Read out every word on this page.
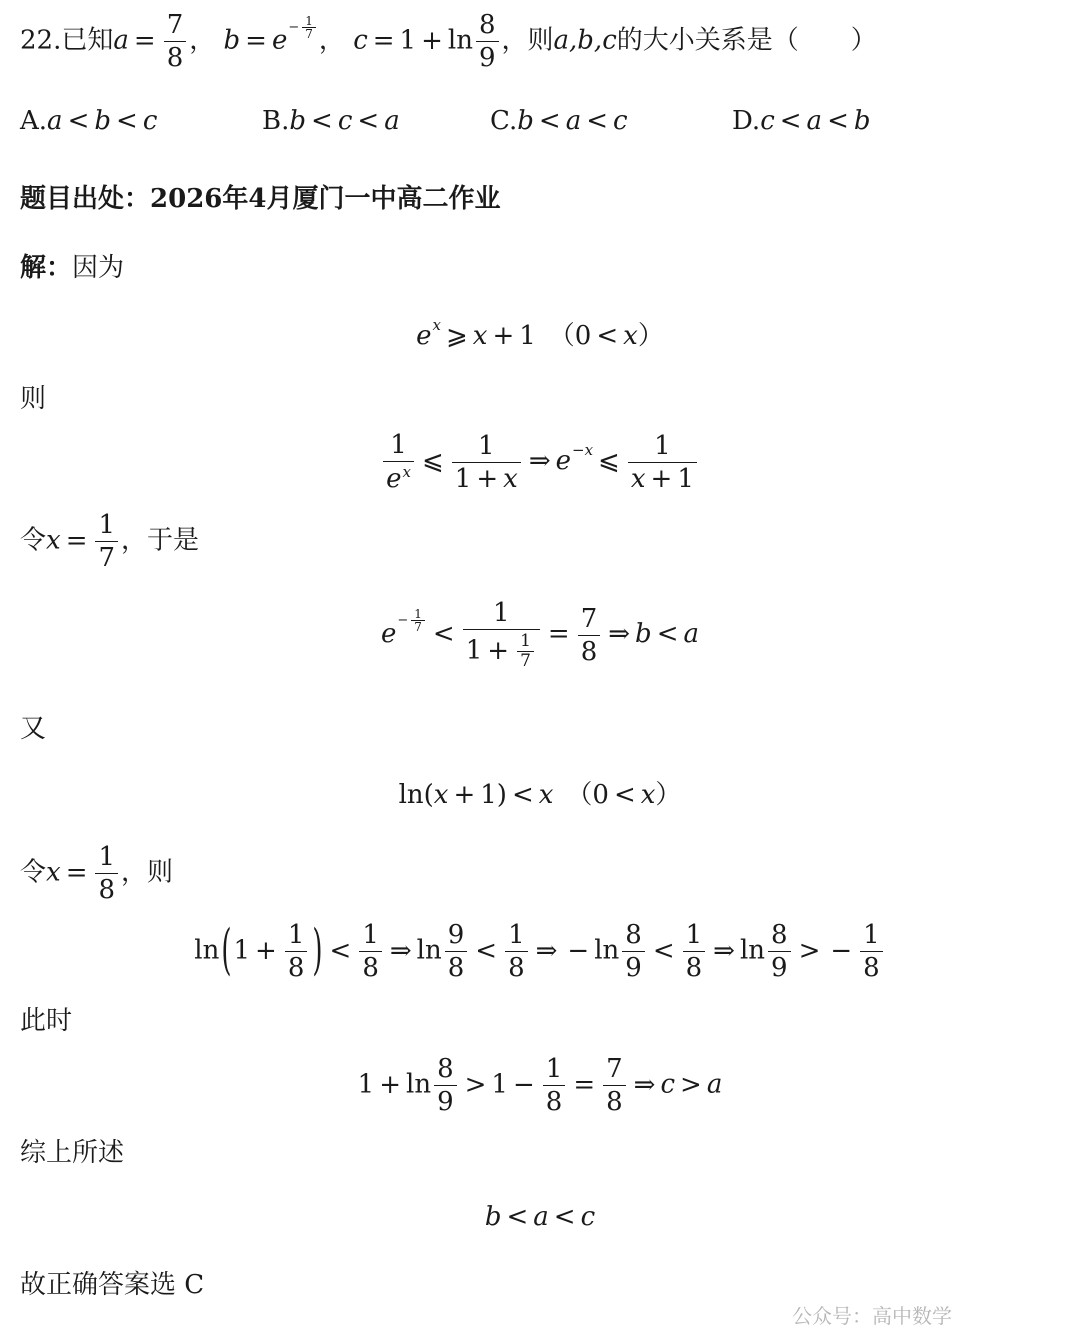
22.已知$a = \frac{7}{8}$ ， $b = e^{- \frac{1}{7}}$ ， $c = 1 + \ln \frac{8}{9}$ ，则a,b,c的大小关系是（　　）
A.a < b < c	B.b < c < a	C.b < a < c	D.c < a < b
题目出处：2026年4月厦门一中高二作业
解：因为
$e^x$ ⩾ x + 1　（0 < x）
则
$\frac{1}{e^x}$ ⩽ $\frac{1}{1 + x}$ ⇒ $e^{-x}$ ⩽ $\frac{1}{x + 1}$
令$x = \frac{1}{7}$ ，于是
$e^{- \frac{1}{7}} < \frac{1}{1 + \frac{1}{7}} = \frac{7}{8}$ ⇒ b < a
又
ln(x + 1) < x　（0 < x）
令$x = \frac{1}{8}$ ，则
$\ln(1 + \frac{1}{8}$ ) < $\frac{1}{8}$ ⇒ $\ln \frac{9}{8} < \frac{1}{8}$ ⇒ − $\ln \frac{8}{9} < \frac{1}{8}$ ⇒ $\ln \frac{8}{9}$ > − $\frac{1}{8}$
此时
$1 + \ln \frac{8}{9} > 1 - \frac{1}{8} = \frac{7}{8}$ ⇒ c > a
综上所述
b < a < c
故正确答案选 C
公众号：高中数学
